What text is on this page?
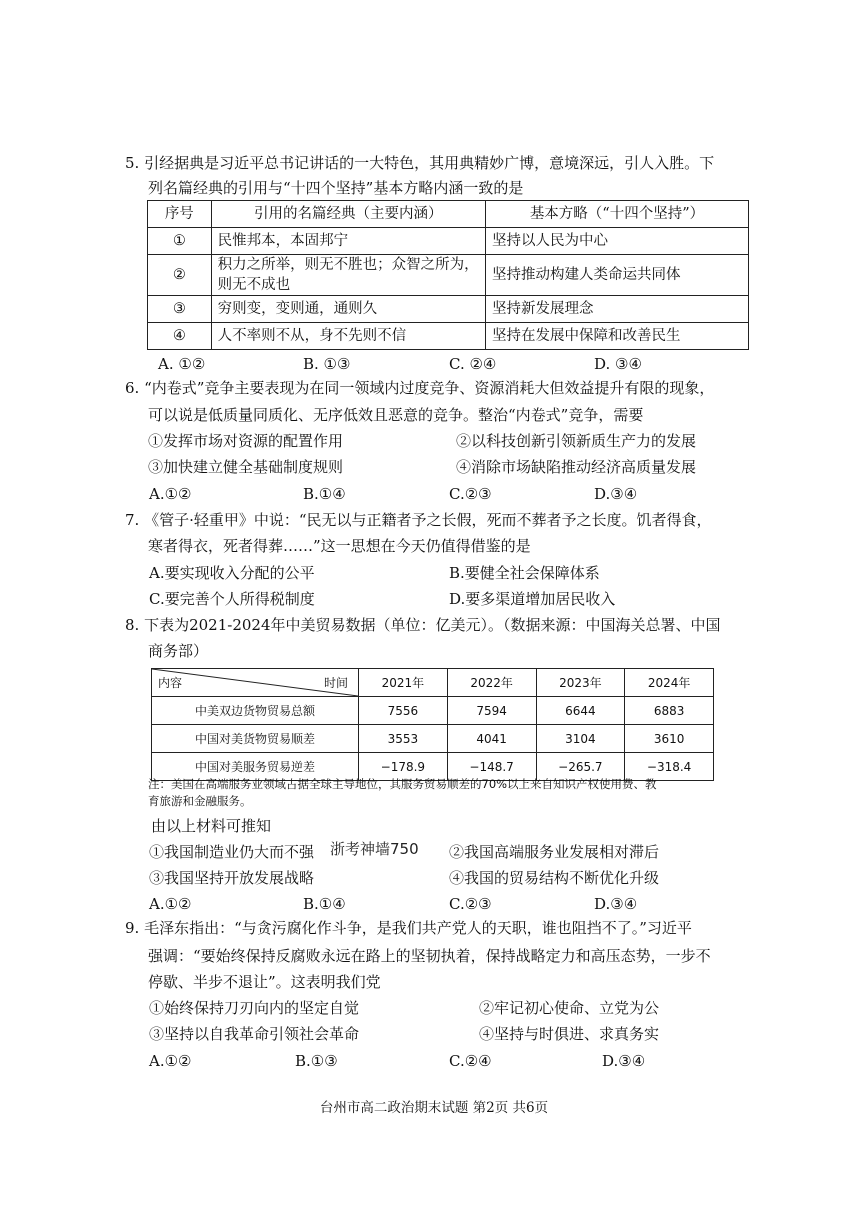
5. 引经据典是习近平总书记讲话的一大特色，其用典精妙广博，意境深远，引人入胜。下
列名篇经典的引用与“十四个坚持”基本方略内涵一致的是
序号	引用的名篇经典（主要内涵）	基本方略（“十四个坚持”）
①	民惟邦本，本固邦宁	坚持以人民为中心
②	积力之所举，则无不胜也；众智之所为，
则无不成也	坚持推动构建人类命运共同体
③	穷则变，变则通，通则久	坚持新发展理念
④	人不率则不从，身不先则不信	坚持在发展中保障和改善民生
A. ①②	B. ①③	C. ②④	D. ③④
6. “内卷式”竞争主要表现为在同一领域内过度竞争、资源消耗大但效益提升有限的现象，
可以说是低质量同质化、无序低效且恶意的竞争。整治“内卷式”竞争，需要
①发挥市场对资源的配置作用	②以科技创新引领新质生产力的发展
③加快建立健全基础制度规则	④消除市场缺陷推动经济高质量发展
A.①②	B.①④	C.②③	D.③④
7. 《管子·轻重甲》中说：“民无以与正籍者予之长假，死而不葬者予之长度。饥者得食，
寒者得衣，死者得葬……”这一思想在今天仍值得借鉴的是
A.要实现收入分配的公平	B.要健全社会保障体系
C.要完善个人所得税制度	D.要多渠道增加居民收入
8. 下表为2021-2024年中美贸易数据（单位：亿美元）。（数据来源：中国海关总署、中国
商务部）
内容 时间	2021年	2022年	2023年	2024年
中美双边货物贸易总额	7556	7594	6644	6883
中国对美货物贸易顺差	3553	4041	3104	3610
中国对美服务贸易逆差	−178.9	−148.7	−265.7	−318.4
注：美国在高端服务业领域占据全球主导地位，其服务贸易顺差的70%以上来自知识产权使用费、教
育旅游和金融服务。
由以上材料可推知
①我国制造业仍大而不强 浙考神墙750 ②我国高端服务业发展相对滞后
③我国坚持开放发展战略	④我国的贸易结构不断优化升级
A.①②	B.①④	C.②③	D.③④
9. 毛泽东指出：“与贪污腐化作斗争，是我们共产党人的天职，谁也阻挡不了。”习近平
强调：“要始终保持反腐败永远在路上的坚韧执着，保持战略定力和高压态势，一步不
停歇、半步不退让”。这表明我们党
①始终保持刀刃向内的坚定自觉	②牢记初心使命、立党为公
③坚持以自我革命引领社会革命	④坚持与时俱进、求真务实
A.①②	B.①③	C.②④	D.③④
台州市高二政治期末试题 第2页 共6页
